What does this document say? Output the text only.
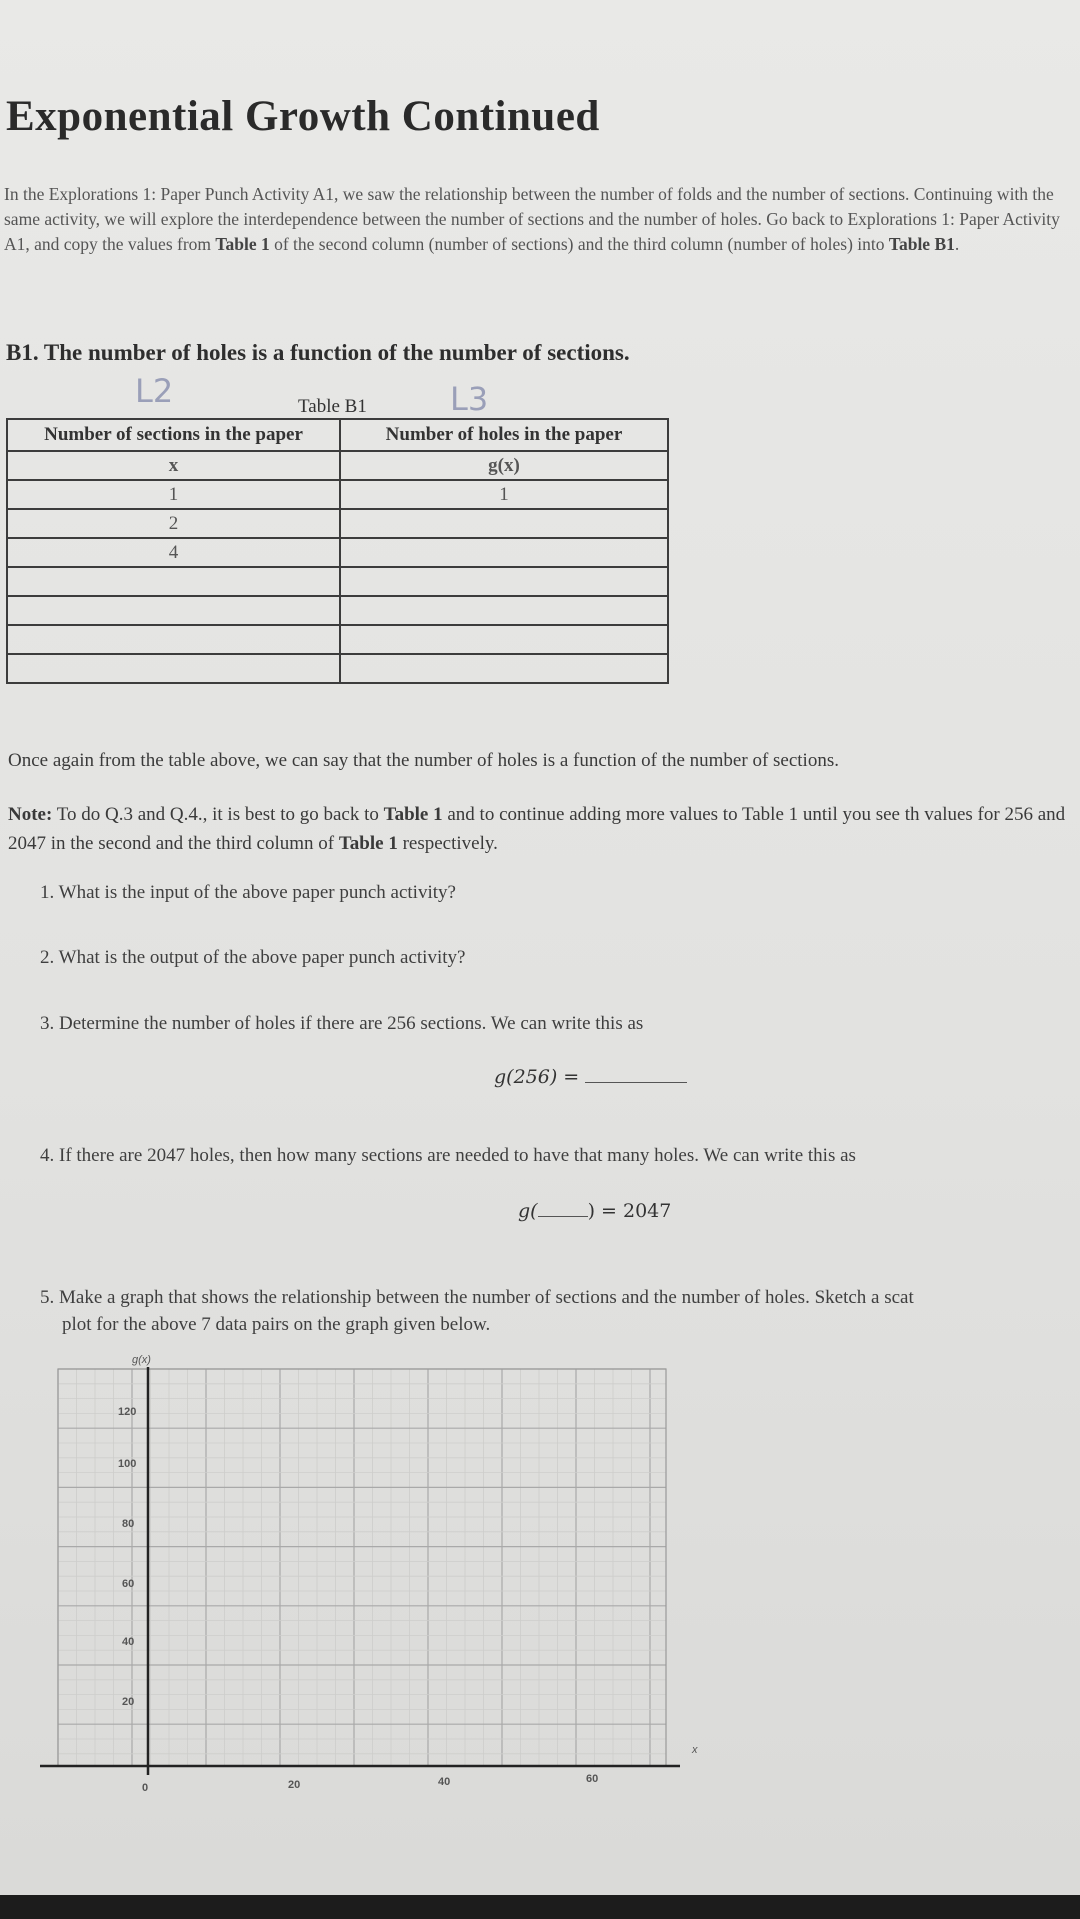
Exponential Growth Continued
In the Explorations 1: Paper Punch Activity A1, we saw the relationship between the number of folds and the number of sections. Continuing with the same activity, we will explore the interdependence between the number of sections and the number of holes. Go back to Explorations 1: Paper Activity A1, and copy the values from Table 1 of the second column (number of sections) and the third column (number of holes) into Table B1.
B1. The number of holes is a function of the number of sections.
L2	L3
Table B1
Number of sections in the paper	Number of holes in the paper
x	g(x)
1	1
2	
4	

Once again from the table above, we can say that the number of holes is a function of the number of sections.
Note: To do Q.3 and Q.4., it is best to go back to Table 1 and to continue adding more values to Table 1 until you see th values for 256 and 2047 in the second and the third column of Table 1 respectively.
1. What is the input of the above paper punch activity?
2. What is the output of the above paper punch activity?
3. Determine the number of holes if there are 256 sections. We can write this as
g(256) =
4. If there are 2047 holes, then how many sections are needed to have that many holes. We can write this as
g(	) = 2047
5. Make a graph that shows the relationship between the number of sections and the number of holes. Sketch a scat
plot for the above 7 data pairs on the graph given below.
g(x)
x
120
100
80
60
40
20
0	20	40	60
